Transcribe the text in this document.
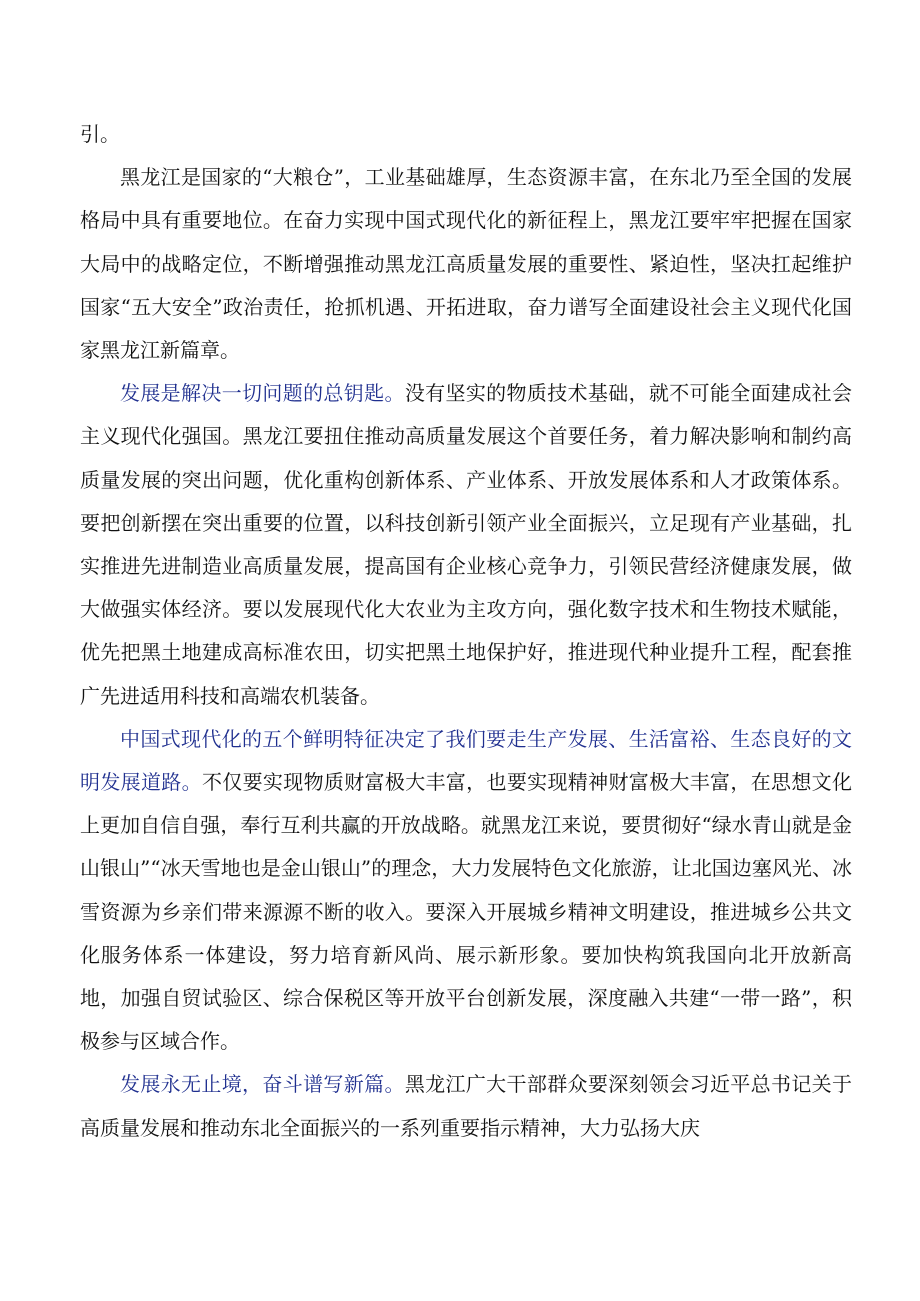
引。

黑龙江是国家的“大粮仓”，工业基础雄厚，生态资源丰富，在东北乃至全国的发展格局中具有重要地位。在奋力实现中国式现代化的新征程上，黑龙江要牢牢把握在国家大局中的战略定位，不断增强推动黑龙江高质量发展的重要性、紧迫性，坚决扛起维护国家“五大安全”政治责任，抢抓机遇、开拓进取，奋力谱写全面建设社会主义现代化国家黑龙江新篇章。

发展是解决一切问题的总钥匙。没有坚实的物质技术基础，就不可能全面建成社会主义现代化强国。黑龙江要扭住推动高质量发展这个首要任务，着力解决影响和制约高质量发展的突出问题，优化重构创新体系、产业体系、开放发展体系和人才政策体系。要把创新摆在突出重要的位置，以科技创新引领产业全面振兴，立足现有产业基础，扎实推进先进制造业高质量发展，提高国有企业核心竞争力，引领民营经济健康发展，做大做强实体经济。要以发展现代化大农业为主攻方向，强化数字技术和生物技术赋能，优先把黑土地建成高标准农田，切实把黑土地保护好，推进现代种业提升工程，配套推广先进适用科技和高端农机装备。

中国式现代化的五个鲜明特征决定了我们要走生产发展、生活富裕、生态良好的文明发展道路。不仅要实现物质财富极大丰富，也要实现精神财富极大丰富，在思想文化上更加自信自强，奉行互利共赢的开放战略。就黑龙江来说，要贯彻好“绿水青山就是金山银山”“冰天雪地也是金山银山”的理念，大力发展特色文化旅游，让北国边塞风光、冰雪资源为乡亲们带来源源不断的收入。要深入开展城乡精神文明建设，推进城乡公共文化服务体系一体建设，努力培育新风尚、展示新形象。要加快构筑我国向北开放新高地，加强自贸试验区、综合保税区等开放平台创新发展，深度融入共建“一带一路”，积极参与区域合作。

发展永无止境，奋斗谱写新篇。黑龙江广大干部群众要深刻领会习近平总书记关于高质量发展和推动东北全面振兴的一系列重要指示精神，大力弘扬大庆
